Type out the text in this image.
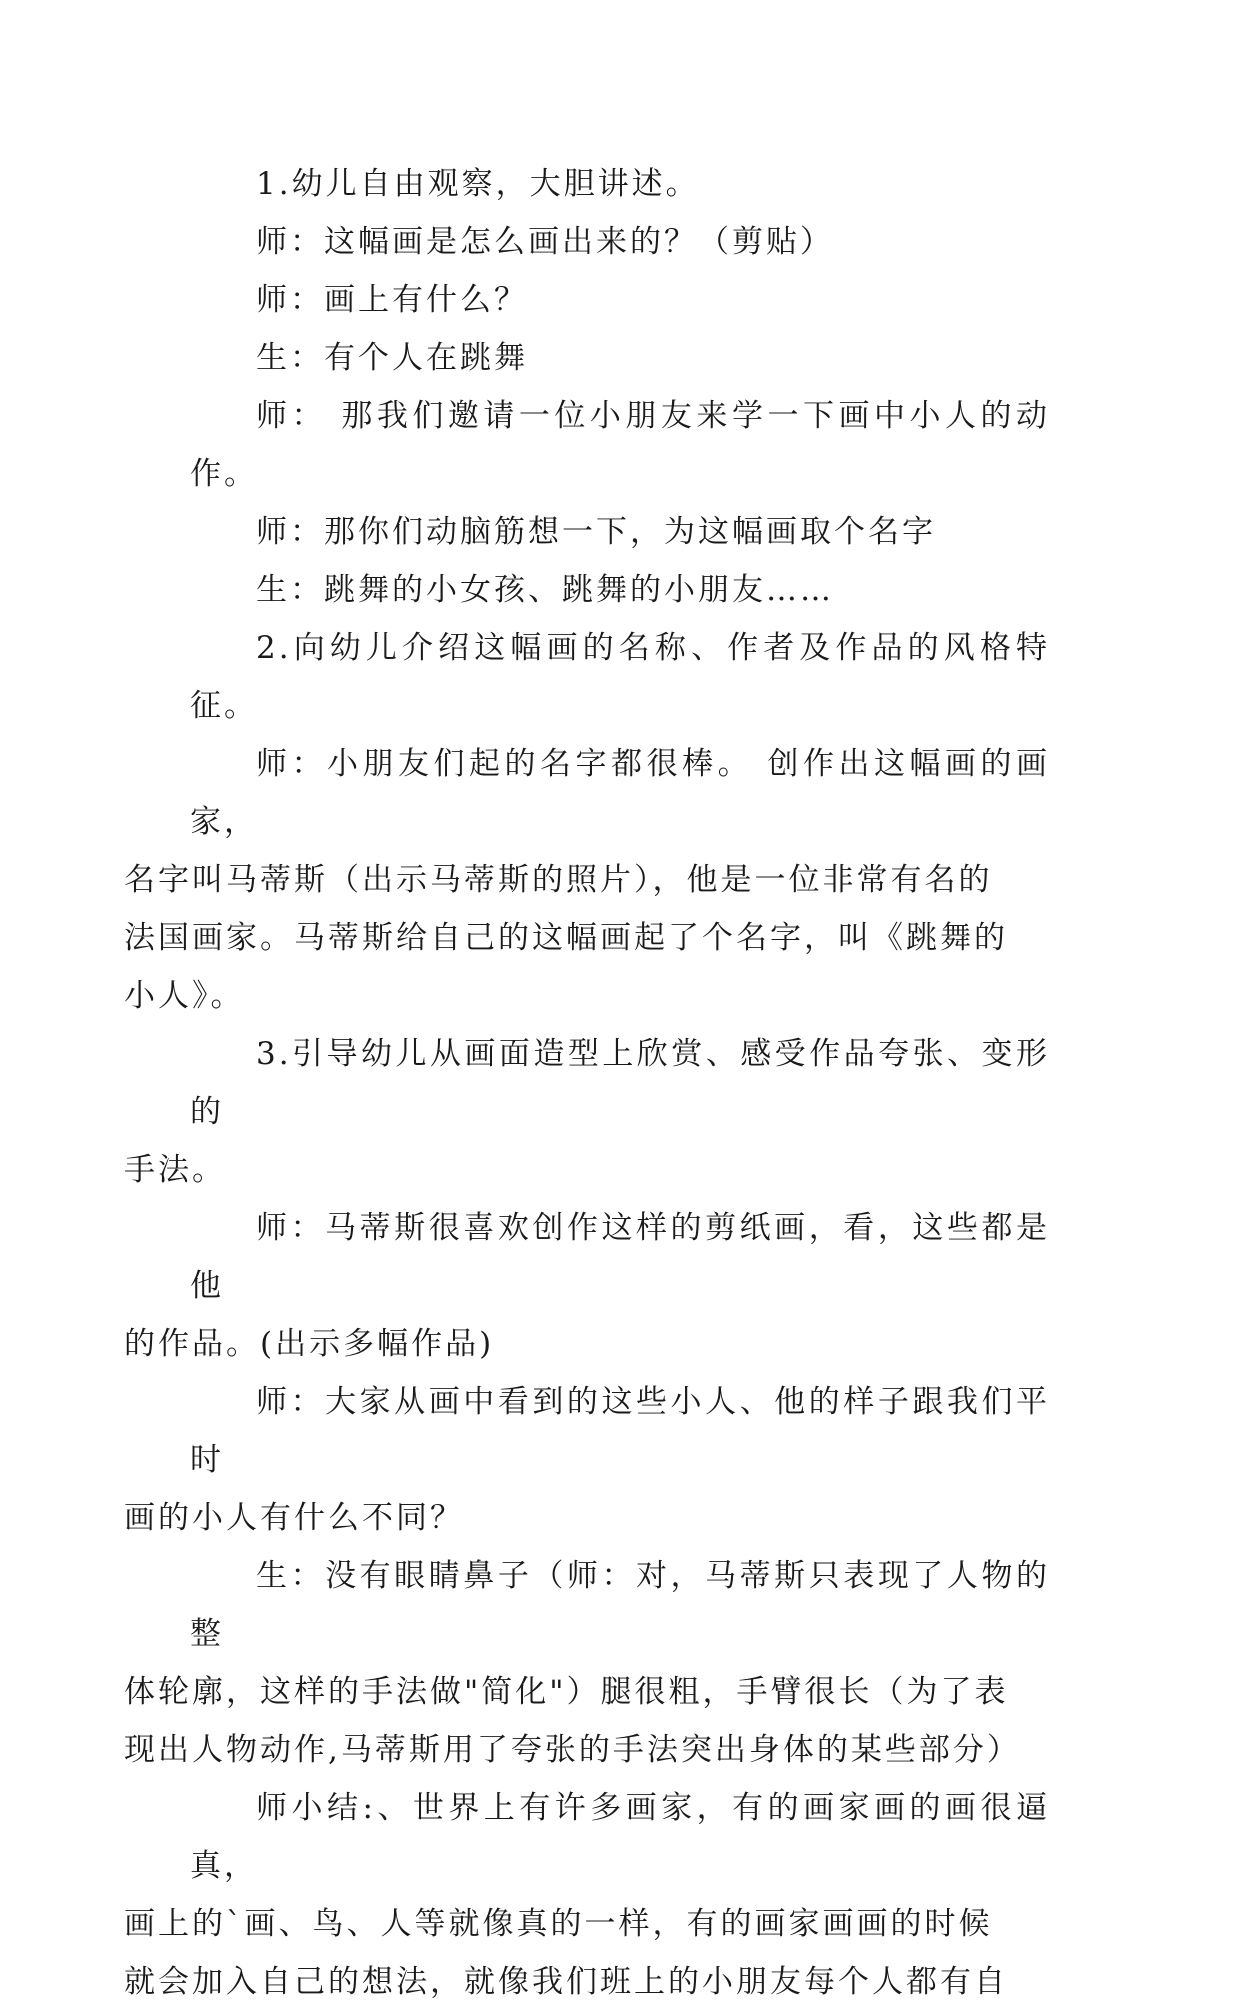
1.幼儿自由观察，大胆讲述。

师：这幅画是怎么画出来的？（剪贴）

师：画上有什么？

生：有个人在跳舞

师： 那我们邀请一位小朋友来学一下画中小人的动作。

师：那你们动脑筋想一下，为这幅画取个名字

生：跳舞的小女孩、跳舞的小朋友……

2.向幼儿介绍这幅画的名称、作者及作品的风格特征。

师：小朋友们起的名字都很棒。 创作出这幅画的画家，
名字叫马蒂斯（出示马蒂斯的照片），他是一位非常有名的
法国画家。马蒂斯给自己的这幅画起了个名字，叫《跳舞的
小人》。

3.引导幼儿从画面造型上欣赏、感受作品夸张、变形的
手法。

师：马蒂斯很喜欢创作这样的剪纸画，看，这些都是他
的作品。(出示多幅作品)

师：大家从画中看到的这些小人、他的样子跟我们平时
画的小人有什么不同？

生：没有眼睛鼻子（师：对，马蒂斯只表现了人物的整
体轮廓，这样的手法做"简化"）腿很粗，手臂很长（为了表
现出人物动作,马蒂斯用了夸张的手法突出身体的某些部分）

师小结:、世界上有许多画家，有的画家画的画很逼真，
画上的`画、鸟、人等就像真的一样，有的画家画画的时候
就会加入自己的想法，就像我们班上的小朋友每个人都有自
